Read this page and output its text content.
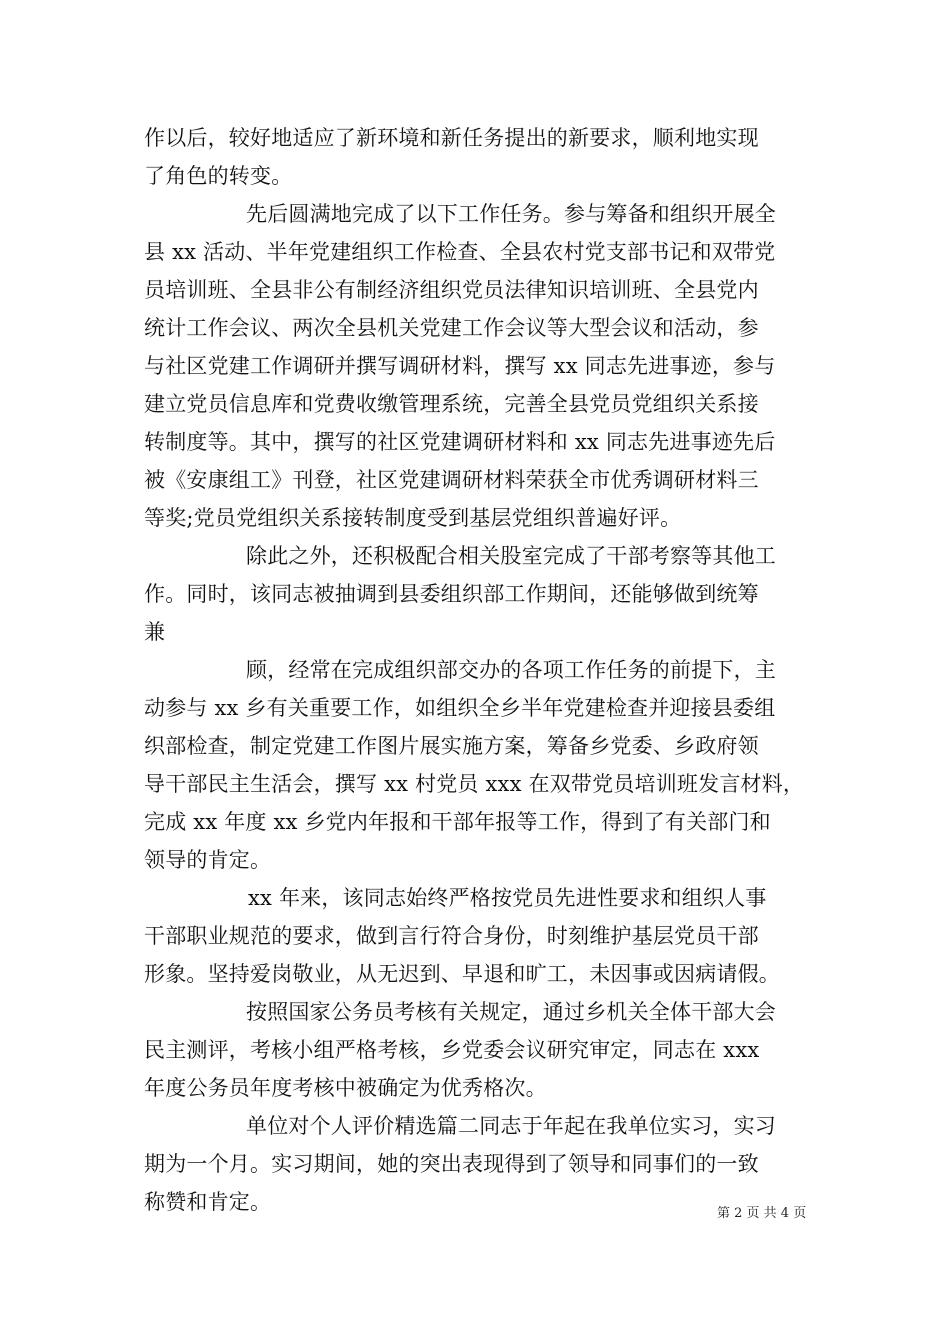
作以后，较好地适应了新环境和新任务提出的新要求，顺利地实现
了角色的转变。
先后圆满地完成了以下工作任务。参与筹备和组织开展全
县 xx 活动、半年党建组织工作检查、全县农村党支部书记和双带党
员培训班、全县非公有制经济组织党员法律知识培训班、全县党内
统计工作会议、两次全县机关党建工作会议等大型会议和活动，参
与社区党建工作调研并撰写调研材料，撰写 xx 同志先进事迹，参与
建立党员信息库和党费收缴管理系统，完善全县党员党组织关系接
转制度等。其中，撰写的社区党建调研材料和 xx 同志先进事迹先后
被《安康组工》刊登，社区党建调研材料荣获全市优秀调研材料三
等奖;党员党组织关系接转制度受到基层党组织普遍好评。
除此之外，还积极配合相关股室完成了干部考察等其他工
作。同时，该同志被抽调到县委组织部工作期间，还能够做到统筹
兼
顾，经常在完成组织部交办的各项工作任务的前提下，主
动参与 xx 乡有关重要工作，如组织全乡半年党建检查并迎接县委组
织部检查，制定党建工作图片展实施方案，筹备乡党委、乡政府领
导干部民主生活会，撰写 xx 村党员 xxx 在双带党员培训班发言材料，
完成 xx 年度 xx 乡党内年报和干部年报等工作，得到了有关部门和
领导的肯定。
xx 年来，该同志始终严格按党员先进性要求和组织人事
干部职业规范的要求，做到言行符合身份，时刻维护基层党员干部
形象。坚持爱岗敬业，从无迟到、早退和旷工，未因事或因病请假。
按照国家公务员考核有关规定，通过乡机关全体干部大会
民主测评，考核小组严格考核，乡党委会议研究审定，同志在 xxx
年度公务员年度考核中被确定为优秀格次。
单位对个人评价精选篇二同志于年起在我单位实习，实习
期为一个月。实习期间，她的突出表现得到了领导和同事们的一致
称赞和肯定。	第 2 页 共 4 页
